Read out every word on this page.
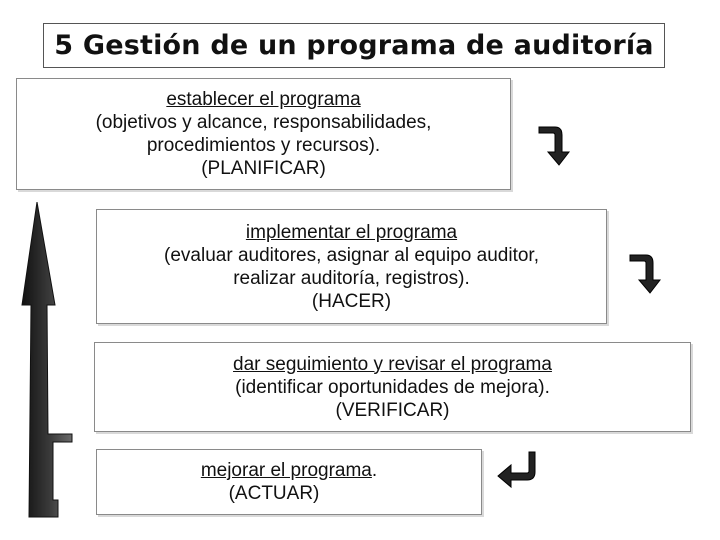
5 Gestión de un programa de auditoría
establecer el programa
(objetivos y alcance, responsabilidades,
procedimientos y recursos).
(PLANIFICAR)
implementar el programa
(evaluar auditores, asignar al equipo auditor,
realizar auditoría, registros).
(HACER)
dar seguimiento y revisar el programa
(identificar oportunidades de mejora).
(VERIFICAR)
mejorar el programa.
(ACTUAR)
